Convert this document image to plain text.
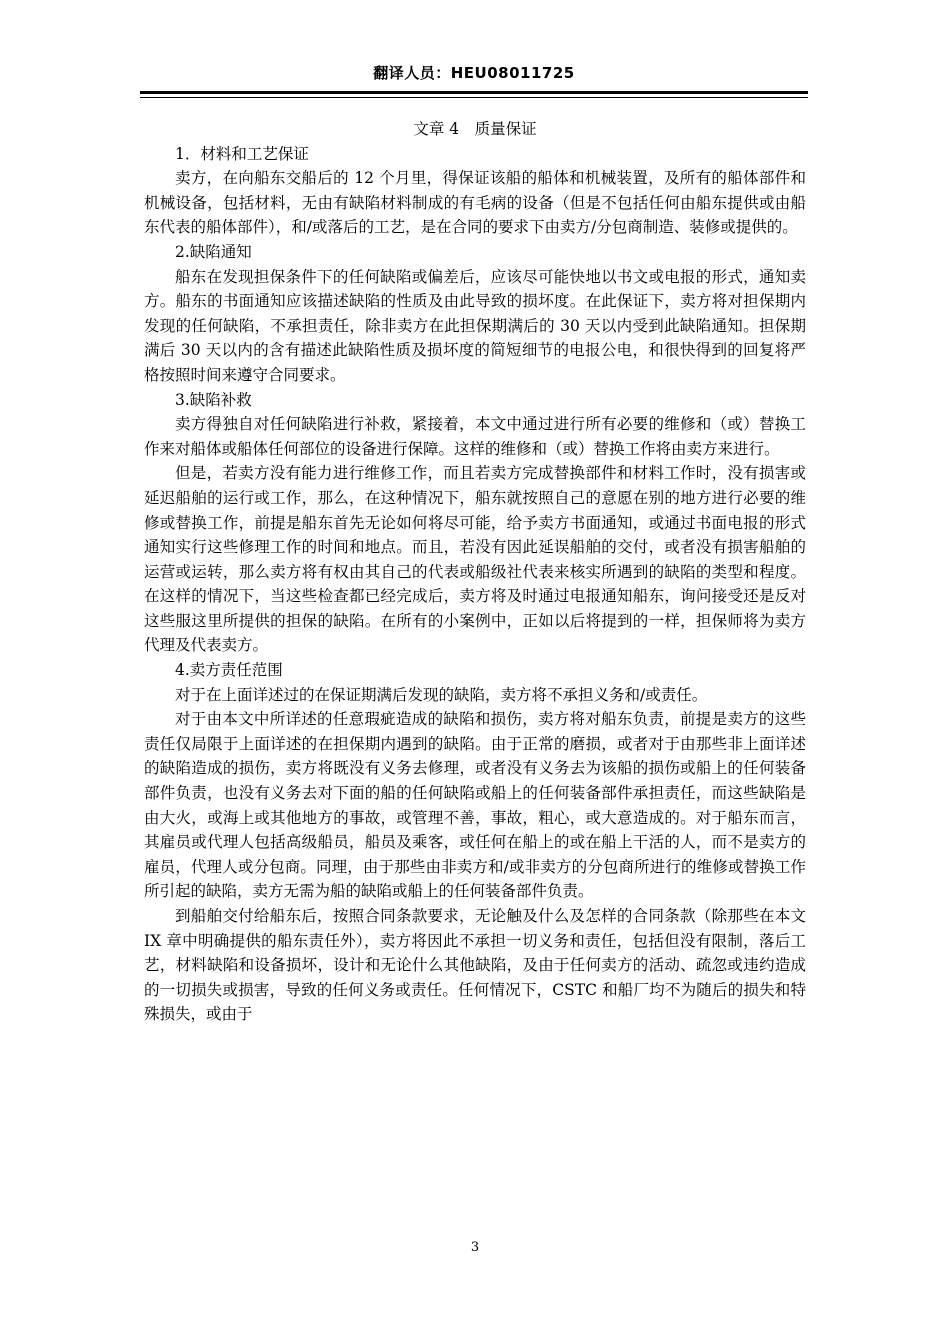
翻译人员：HEU08011725

文章 4　质量保证

1．材料和工艺保证

卖方，在向船东交船后的 12 个月里，得保证该船的船体和机械装置，及所有的船体部件和机械设备，包括材料，无由有缺陷材料制成的有毛病的设备（但是不包括任何由船东提供或由船东代表的船体部件），和/或落后的工艺，是在合同的要求下由卖方/分包商制造、装修或提供的。

2.缺陷通知

船东在发现担保条件下的任何缺陷或偏差后，应该尽可能快地以书文或电报的形式，通知卖方。船东的书面通知应该描述缺陷的性质及由此导致的损坏度。在此保证下，卖方将对担保期内发现的任何缺陷，不承担责任，除非卖方在此担保期满后的 30 天以内受到此缺陷通知。担保期满后 30 天以内的含有描述此缺陷性质及损坏度的简短细节的电报公电，和很快得到的回复将严格按照时间来遵守合同要求。

3.缺陷补救

卖方得独自对任何缺陷进行补救，紧接着，本文中通过进行所有必要的维修和（或）替换工作来对船体或船体任何部位的设备进行保障。这样的维修和（或）替换工作将由卖方来进行。

但是，若卖方没有能力进行维修工作，而且若卖方完成替换部件和材料工作时，没有损害或延迟船舶的运行或工作，那么，在这种情况下，船东就按照自己的意愿在别的地方进行必要的维修或替换工作，前提是船东首先无论如何将尽可能，给予卖方书面通知，或通过书面电报的形式通知实行这些修理工作的时间和地点。而且，若没有因此延误船舶的交付，或者没有损害船舶的运营或运转，那么卖方将有权由其自己的代表或船级社代表来核实所遇到的缺陷的类型和程度。在这样的情况下，当这些检查都已经完成后，卖方将及时通过电报通知船东，询问接受还是反对这些服这里所提供的担保的缺陷。在所有的小案例中，正如以后将提到的一样，担保师将为卖方代理及代表卖方。

4.卖方责任范围

对于在上面详述过的在保证期满后发现的缺陷，卖方将不承担义务和/或责任。

对于由本文中所详述的任意瑕疵造成的缺陷和损伤，卖方将对船东负责，前提是卖方的这些责任仅局限于上面详述的在担保期内遇到的缺陷。由于正常的磨损，或者对于由那些非上面详述的缺陷造成的损伤，卖方将既没有义务去修理，或者没有义务去为该船的损伤或船上的任何装备部件负责，也没有义务去对下面的船的任何缺陷或船上的任何装备部件承担责任，而这些缺陷是由大火，或海上或其他地方的事故，或管理不善，事故，粗心，或大意造成的。对于船东而言，其雇员或代理人包括高级船员，船员及乘客，或任何在船上的或在船上干活的人，而不是卖方的雇员，代理人或分包商。同理，由于那些由非卖方和/或非卖方的分包商所进行的维修或替换工作所引起的缺陷，卖方无需为船的缺陷或船上的任何装备部件负责。

到船舶交付给船东后，按照合同条款要求，无论触及什么及怎样的合同条款（除那些在本文 IX 章中明确提供的船东责任外），卖方将因此不承担一切义务和责任，包括但没有限制，落后工艺，材料缺陷和设备损坏，设计和无论什么其他缺陷，及由于任何卖方的活动、疏忽或违约造成的一切损失或损害，导致的任何义务或责任。任何情况下，CSTC 和船厂均不为随后的损失和特殊损失，或由于

3
